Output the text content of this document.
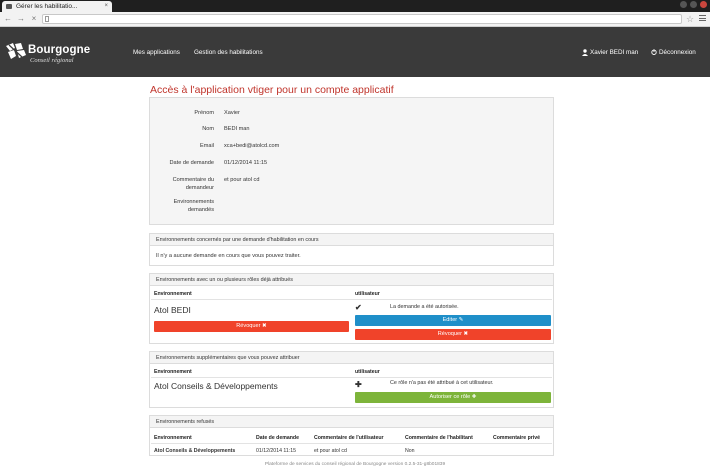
Gérer les habilitatio...	×
← → ×	☆
Bourgogne
Conseil régional
Mes applications Gestion des habilitations	Xavier BEDI man	Déconnexion
Accès à l'application vtiger pour un compte applicatif
Prénom Xavier
Nom BEDI man
Email xca+bedi@atolcd.com
Date de demande 01/12/2014 11:15
Commentaire du demandeur
et pour atol cd
Environnements demandés
Environnements concernés par une demande d'habilitation en cours
Il n'y a aucune demande en cours que vous pouvez traiter.
Environnements avec un ou plusieurs rôles déjà attribués
Environnement	utilisateur
Atol BEDI	✔	La demande a été autorisée.
Révoquer ✖
Editer ✎
Révoquer ✖
Environnements supplémentaires que vous pouvez attribuer
Environnement	utilisateur
Atol Conseils & Développements	✚	Ce rôle n'a pas été attribué à cet utilisateur.
Autoriser ce rôle ✚
Environnements refusés
Environnement	Date de demande	Commentaire de l'utilisateur	Commentaire de l'habilitant	Commentaire privé
Atol Conseils & Développements	01/12/2014 11:15	et pour atol cd	Non
Plateforme de services du conseil régional de Bourgogne version 0.2.5-31-g8b01839
